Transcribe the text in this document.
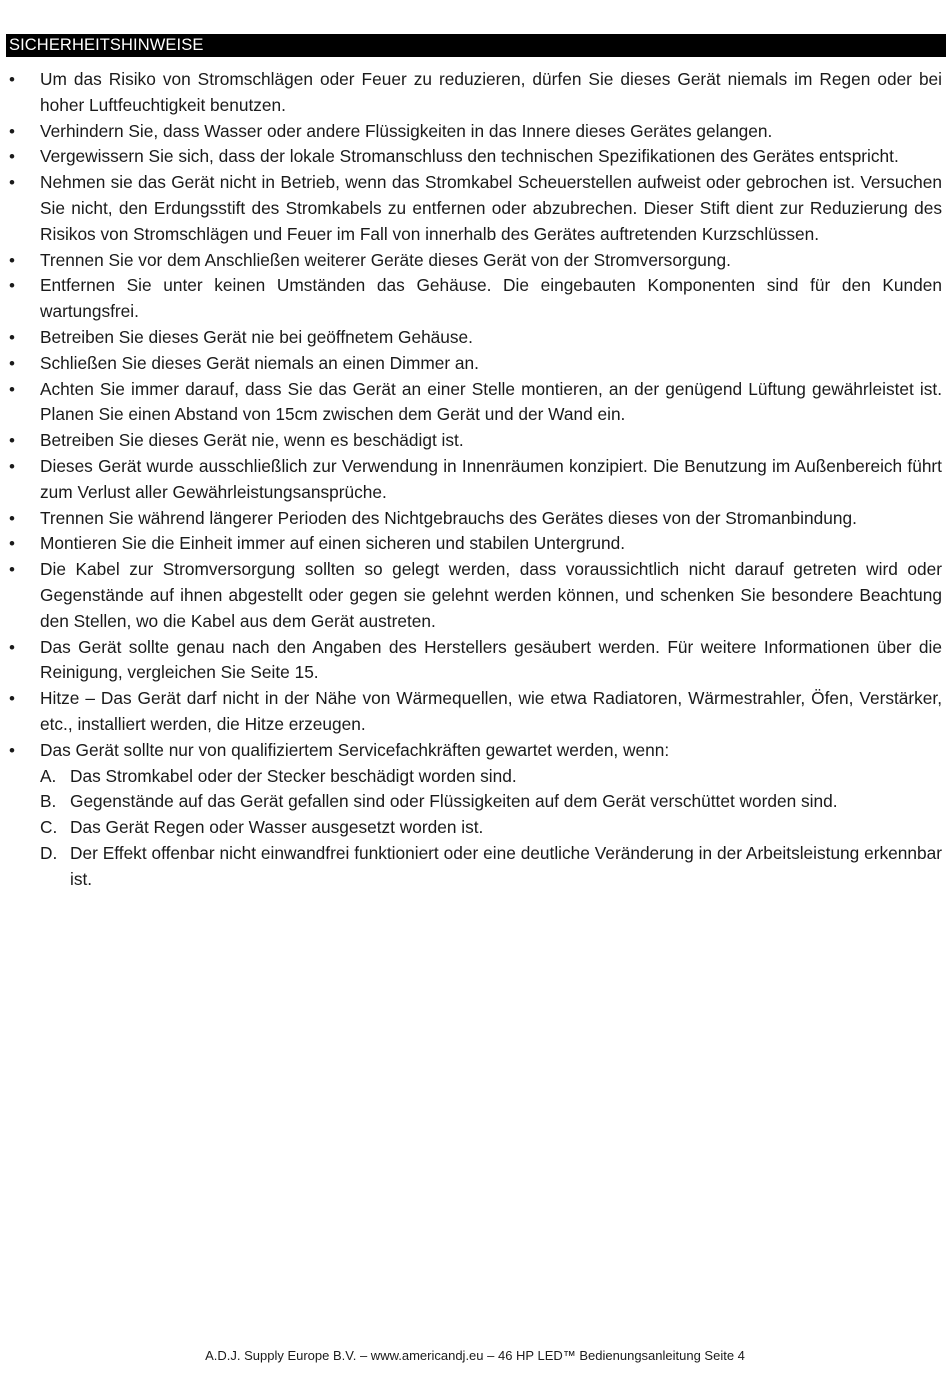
SICHERHEITSHINWEISE
• Um das Risiko von Stromschlägen oder Feuer zu reduzieren, dürfen Sie dieses Gerät niemals im Regen oder bei hoher Luftfeuchtigkeit benutzen.
• Verhindern Sie, dass Wasser oder andere Flüssigkeiten in das Innere dieses Gerätes gelangen.
• Vergewissern Sie sich, dass der lokale Stromanschluss den technischen Spezifikationen des Gerätes entspricht.
• Nehmen sie das Gerät nicht in Betrieb, wenn das Stromkabel Scheuerstellen aufweist oder gebrochen ist. Versuchen Sie nicht, den Erdungsstift des Stromkabels zu entfernen oder abzubrechen. Dieser Stift dient zur Reduzierung des Risikos von Stromschlägen und Feuer im Fall von innerhalb des Gerätes auftretenden Kurzschlüssen.
• Trennen Sie vor dem Anschließen weiterer Geräte dieses Gerät von der Stromversorgung.
• Entfernen Sie unter keinen Umständen das Gehäuse. Die eingebauten Komponenten sind für den Kunden wartungsfrei.
• Betreiben Sie dieses Gerät nie bei geöffnetem Gehäuse.
• Schließen Sie dieses Gerät niemals an einen Dimmer an.
• Achten Sie immer darauf, dass Sie das Gerät an einer Stelle montieren, an der genügend Lüftung gewährleistet ist. Planen Sie einen Abstand von 15cm zwischen dem Gerät und der Wand ein.
• Betreiben Sie dieses Gerät nie, wenn es beschädigt ist.
• Dieses Gerät wurde ausschließlich zur Verwendung in Innenräumen konzipiert. Die Benutzung im Außenbereich führt zum Verlust aller Gewährleistungsansprüche.
• Trennen Sie während längerer Perioden des Nichtgebrauchs des Gerätes dieses von der Stromanbindung.
• Montieren Sie die Einheit immer auf einen sicheren und stabilen Untergrund.
• Die Kabel zur Stromversorgung sollten so gelegt werden, dass voraussichtlich nicht darauf getreten wird oder Gegenstände auf ihnen abgestellt oder gegen sie gelehnt werden können, und schenken Sie besondere Beachtung den Stellen, wo die Kabel aus dem Gerät austreten.
• Das Gerät sollte genau nach den Angaben des Herstellers gesäubert werden. Für weitere Informationen über die Reinigung, vergleichen Sie Seite 15.
• Hitze – Das Gerät darf nicht in der Nähe von Wärmequellen, wie etwa Radiatoren, Wärmestrahler, Öfen, Verstärker, etc., installiert werden, die Hitze erzeugen.
• Das Gerät sollte nur von qualifiziertem Servicefachkräften gewartet werden, wenn:
A. Das Stromkabel oder der Stecker beschädigt worden sind.
B. Gegenstände auf das Gerät gefallen sind oder Flüssigkeiten auf dem Gerät verschüttet worden sind.
C. Das Gerät Regen oder Wasser ausgesetzt worden ist.
D. Der Effekt offenbar nicht einwandfrei funktioniert oder eine deutliche Veränderung in der Arbeitsleistung erkennbar ist.
A.D.J. Supply Europe B.V. – www.americandj.eu – 46 HP LED™ Bedienungsanleitung Seite 4
